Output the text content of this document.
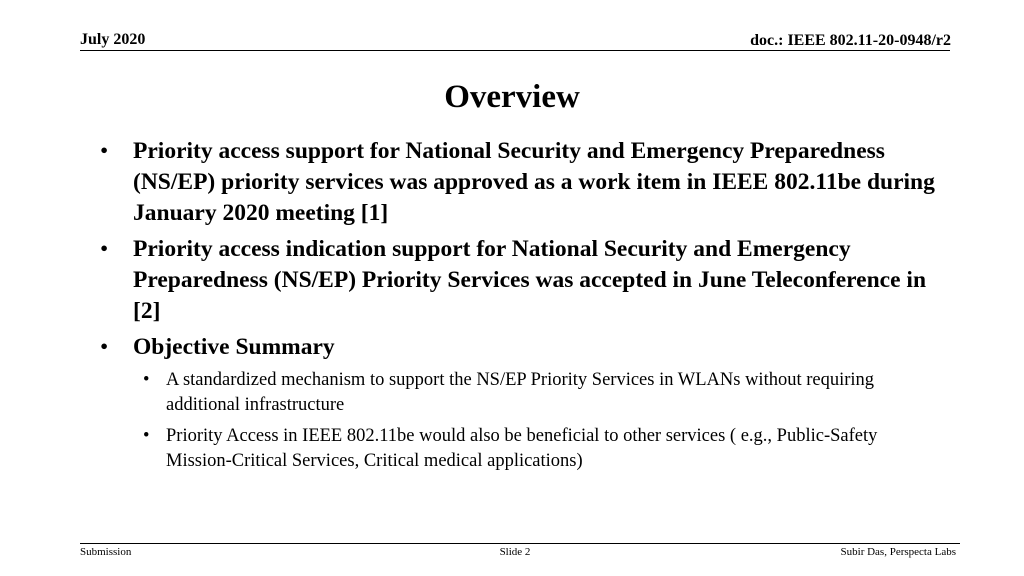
July 2020	doc.: IEEE 802.11-20-0948/r2
Overview
• Priority access support for National Security and Emergency Preparedness (NS/EP) priority services was approved as a work item in IEEE 802.11be during January 2020 meeting [1]
• Priority access indication support for National Security and Emergency Preparedness (NS/EP) Priority Services was accepted in June Teleconference in [2]
• Objective Summary
• A standardized mechanism to support the NS/EP Priority Services in WLANs without requiring additional infrastructure
• Priority Access in IEEE 802.11be would also be beneficial to other services ( e.g., Public-Safety Mission-Critical Services, Critical medical applications)
Submission	Slide 2	Subir Das, Perspecta Labs
